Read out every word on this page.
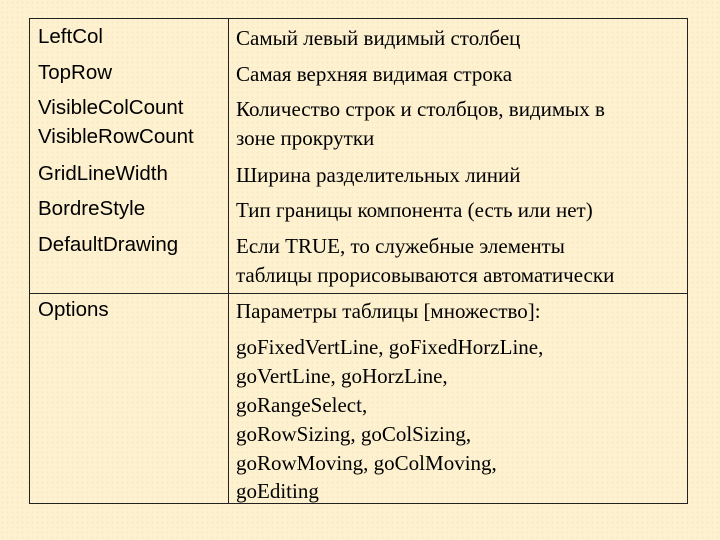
LeftCol
TopRow
VisibleColCount
VisibleRowCount
GridLineWidth
BordreStyle
DefaultDrawing
Options
Самый левый видимый столбец
Самая верхняя видимая строка
Количество строк и столбцов, видимых в
зоне прокрутки
Ширина разделительных линий
Тип границы компонента (есть или нет)
Если TRUE, то служебные элементы
таблицы прорисовываются автоматически
Параметры таблицы [множество]:
goFixedVertLine, goFixedHorzLine,
goVertLine, goHorzLine,
goRangeSelect,
goRowSizing, goColSizing,
goRowMoving, goColMoving,
goEditing
